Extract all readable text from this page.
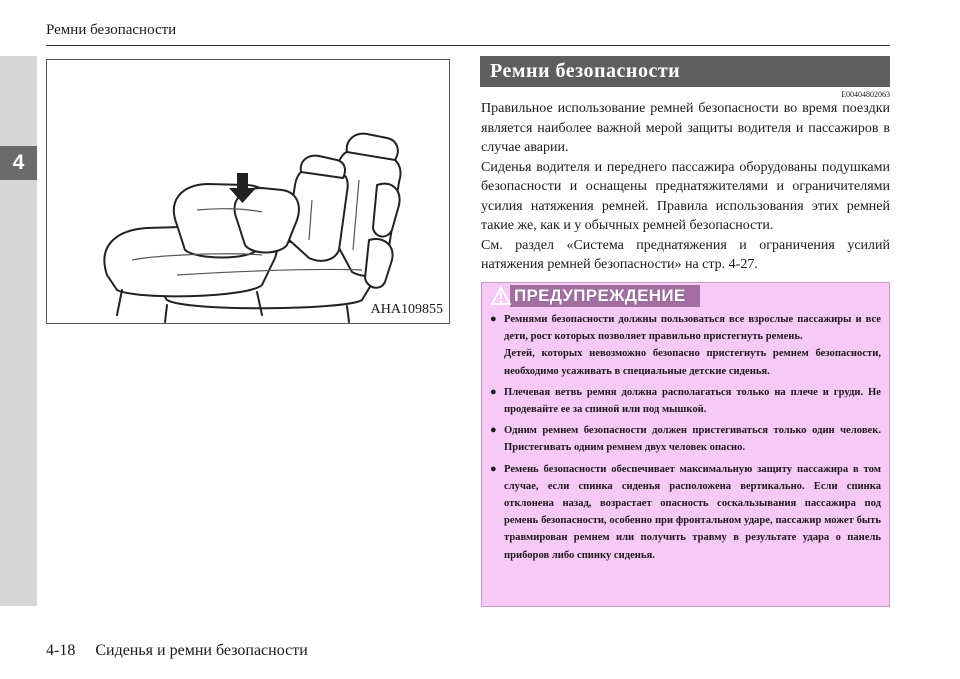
4
Ремни безопасности
AHA109855
Ремни безопасности
E00404802063

Правильное использование ремней безопасности во время поездки является наиболее важной мерой защиты водителя и пассажиров в случае аварии.

Сиденья водителя и переднего пассажира оборудованы подушками безопасности и оснащены преднатяжителями и ограничителями усилия натяжения ремней. Правила использования этих ремней такие же, как и у обычных ремней безопасности.

См. раздел «Система преднатяжения и ограничения усилий натяжения ремней безопасности» на стр. 4-27.

ПРЕДУПРЕЖДЕНИЕ
● Ремнями безопасности должны пользоваться все взрослые пассажиры и все дети, рост которых позволяет правильно пристегнуть ремень.

Детей, которых невозможно безопасно пристегнуть ремнем безопасности, необходимо усаживать в специальные детские сиденья.

● Плечевая ветвь ремня должна располагаться только на плече и груди. Не продевайте ее за спиной или под мышкой.

● Одним ремнем безопасности должен пристегиваться только один человек. Пристегивать одним ремнем двух человек опасно.

● Ремень безопасности обеспечивает максимальную защиту пассажира в том случае, если спинка сиденья расположена вертикально. Если спинка отклонена назад, возрастает опасность соскальзывания пассажира под ремень безопасности, особенно при фронтальном ударе, пассажир может быть травмирован ремнем или получить травму в результате удара о панель приборов либо спинку сиденья.

4-18 Сиденья и ремни безопасности
